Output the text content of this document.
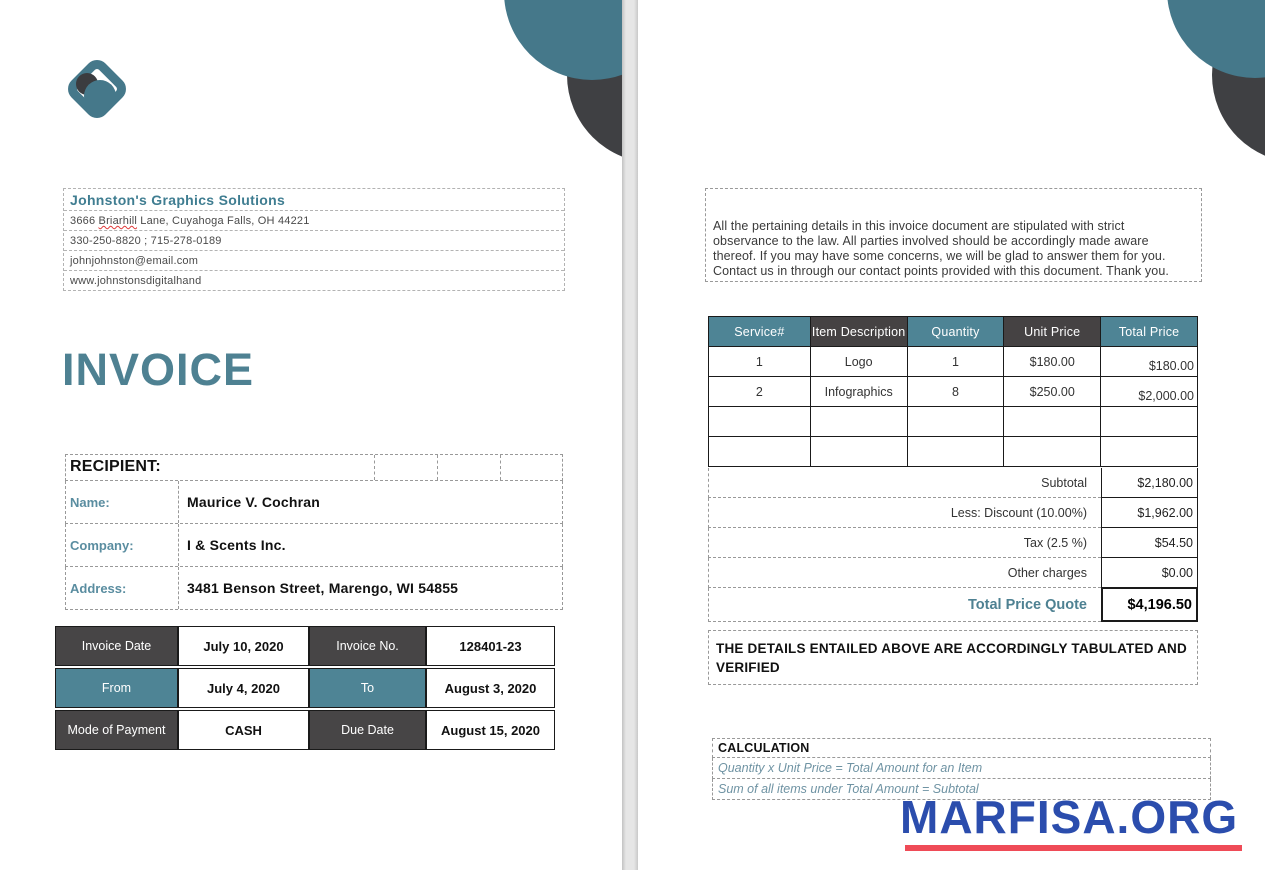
Johnston's Graphics Solutions
3666 Briarhill Lane, Cuyahoga Falls, OH 44221
330-250-8820 ; 715-278-0189
johnjohnston@email.com
www.johnstonsdigitalhand
INVOICE
RECIPIENT:
Name:	Maurice V. Cochran
Company:	I & Scents Inc.
Address:	3481 Benson Street, Marengo, WI 54855
Invoice Date	July 10, 2020	Invoice No.	128401-23
From	July 4, 2020	To	August 3, 2020
Mode of Payment	CASH	Due Date	August 15, 2020
All the pertaining details in this invoice document are stipulated with strict observance to the law. All parties involved should be accordingly made aware thereof. If you may have some concerns, we will be glad to answer them for you. Contact us in through our contact points provided with this document. Thank you.
Service#	Item Description	Quantity	Unit Price	Total Price
1	Logo	1	$180.00	$180.00
2	Infographics	8	$250.00	$2,000.00

Subtotal	$2,180.00
Less: Discount (10.00%)	$1,962.00
Tax (2.5 %)	$54.50
Other charges	$0.00
Total Price Quote	$4,196.50
THE DETAILS ENTAILED ABOVE ARE ACCORDINGLY TABULATED AND VERIFIED
CALCULATION
Quantity x Unit Price = Total Amount for an Item
Sum of all items under Total Amount = Subtotal
MARFISA.ORG
